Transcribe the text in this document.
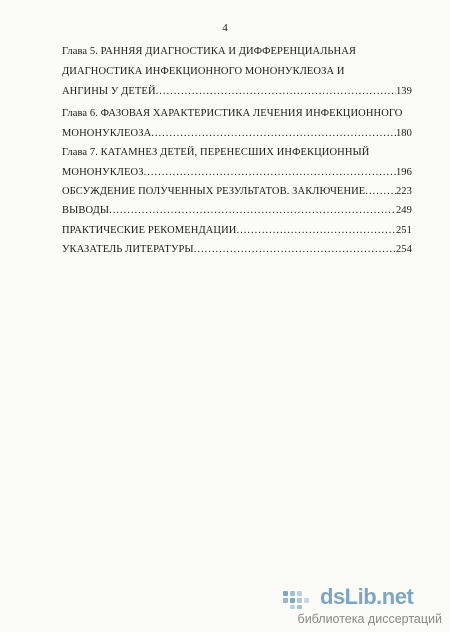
4
Глава 5. РАННЯЯ ДИАГНОСТИКА И ДИФФЕРЕНЦИАЛЬНАЯ
ДИАГНОСТИКА ИНФЕКЦИОННОГО МОНОНУКЛЕОЗА И
АНГИНЫ У ДЕТЕЙ .....	139
Глава 6. ФАЗОВАЯ ХАРАКТЕРИСТИКА ЛЕЧЕНИЯ ИНФЕКЦИОННОГО
МОНОНУКЛЕОЗА .....	180
Глава 7. КАТАМНЕЗ ДЕТЕЙ, ПЕРЕНЕСШИХ ИНФЕКЦИОННЫЙ
МОНОНУКЛЕОЗ .....	196
ОБСУЖДЕНИЕ ПОЛУЧЕННЫХ РЕЗУЛЬТАТОВ. ЗАКЛЮЧЕНИЕ .....	223
ВЫВОДЫ .....	249
ПРАКТИЧЕСКИЕ РЕКОМЕНДАЦИИ .....	251
УКАЗАТЕЛЬ ЛИТЕРАТУРЫ .....	254
dsLib.net
библиотека диссертаций
